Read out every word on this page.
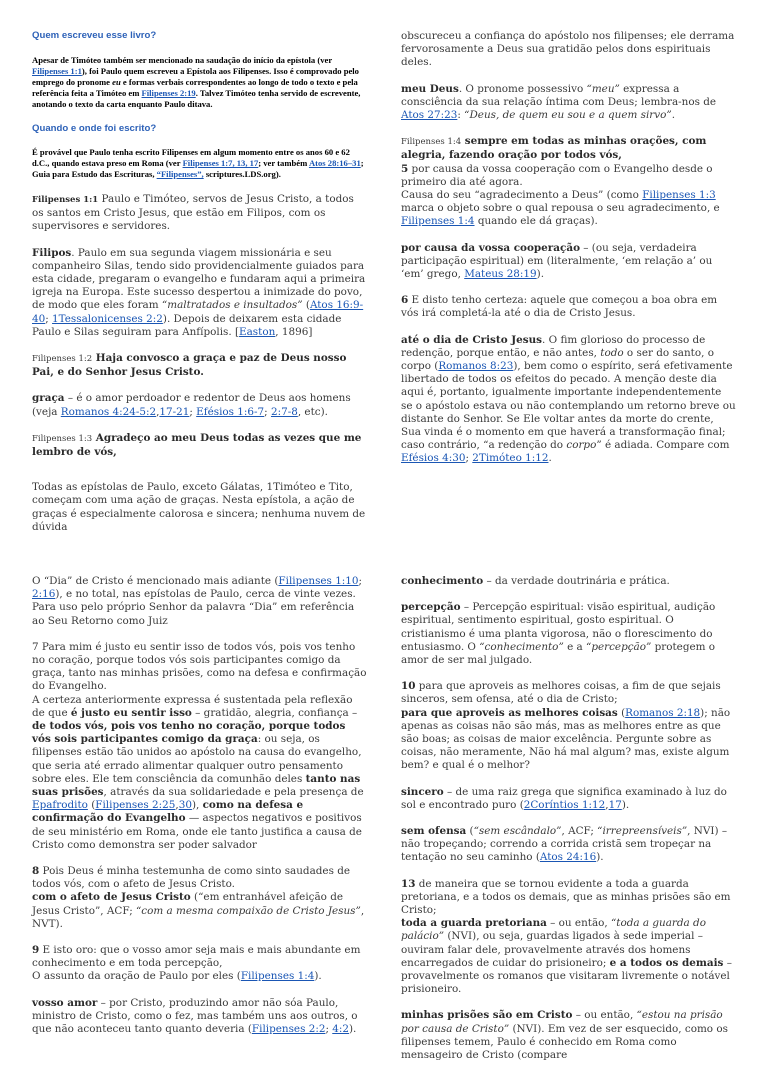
Quem escreveu esse livro?

Apesar de Timóteo também ser mencionado na saudação do início da epístola (ver Filipenses 1:1), foi Paulo quem escreveu a Epístola aos Filipenses. Isso é comprovado pelo emprego do pronome eu e formas verbais correspondentes ao longo de todo o texto e pela referência feita a Timóteo em Filipenses 2:19. Talvez Timóteo tenha servido de escrevente, anotando o texto da carta enquanto Paulo ditava.

Quando e onde foi escrito?

É provável que Paulo tenha escrito Filipenses em algum momento entre os anos 60 e 62 d.C., quando estava preso em Roma (ver Filipenses 1:7, 13, 17; ver também Atos 28:16–31; Guia para Estudo das Escrituras, “Filipenses”, scriptures.LDS.org).

Filipenses 1:1 Paulo e Timóteo, servos de Jesus Cristo, a todos os santos em Cristo Jesus, que estão em Filipos, com os supervisores e servidores.

Filipos. Paulo em sua segunda viagem missionária e seu companheiro Silas, tendo sido providencialmente guiados para esta cidade, pregaram o evangelho e fundaram aqui a primeira igreja na Europa. Este sucesso despertou a inimizade do povo, de modo que eles foram “maltratados e insultados” (Atos 16:9-40; 1Tessalonicenses 2:2). Depois de deixarem esta cidade Paulo e Silas seguiram para Anfípolis. [Easton, 1896]

Filipenses 1:2 Haja convosco a graça e paz de Deus nosso Pai, e do Senhor Jesus Cristo.

graça – é o amor perdoador e redentor de Deus aos homens (veja Romanos 4:24-5:2,17-21; Efésios 1:6-7; 2:7-8, etc).

Filipenses 1:3 Agradeço ao meu Deus todas as vezes que me lembro de vós,

Todas as epístolas de Paulo, exceto Gálatas, 1Timóteo e Tito, começam com uma ação de graças. Nesta epístola, a ação de graças é especialmente calorosa e sincera; nenhuma nuvem de dúvida

obscureceu a confiança do apóstolo nos filipenses; ele derrama fervorosamente a Deus sua gratidão pelos dons espirituais deles.

meu Deus. O pronome possessivo “meu” expressa a consciência da sua relação íntima com Deus; lembra-nos de Atos 27:23: “Deus, de quem eu sou e a quem sirvo”.

Filipenses 1:4 sempre em todas as minhas orações, com alegria, fazendo oração por todos vós,

5 por causa da vossa cooperação com o Evangelho desde o primeiro dia até agora.

Causa do seu “agradecimento a Deus” (como Filipenses 1:3 marca o objeto sobre o qual repousa o seu agradecimento, e Filipenses 1:4 quando ele dá graças).

por causa da vossa cooperação – (ou seja, verdadeira participação espiritual) em (literalmente, ‘em relação a’ ou ‘em’ grego, Mateus 28:19).

6 E disto tenho certeza: aquele que começou a boa obra em vós irá completá-la até o dia de Cristo Jesus.

até o dia de Cristo Jesus. O fim glorioso do processo de redenção, porque então, e não antes, todo o ser do santo, o corpo (Romanos 8:23), bem como o espírito, será efetivamente libertado de todos os efeitos do pecado. A menção deste dia aqui é, portanto, igualmente importante independentemente se o apóstolo estava ou não contemplando um retorno breve ou distante do Senhor. Se Ele voltar antes da morte do crente, Sua vinda é o momento em que haverá a transformação final; caso contrário, “a redenção do corpo” é adiada. Compare com Efésios 4:30; 2Timóteo 1:12.

O “Dia” de Cristo é mencionado mais adiante (Filipenses 1:10; 2:16), e no total, nas epístolas de Paulo, cerca de vinte vezes. Para uso pelo próprio Senhor da palavra “Dia” em referência ao Seu Retorno como Juiz

7 Para mim é justo eu sentir isso de todos vós, pois vos tenho no coração, porque todos vós sois participantes comigo da graça, tanto nas minhas prisões, como na defesa e confirmação do Evangelho.

A certeza anteriormente expressa é sustentada pela reflexão de que é justo eu sentir isso – gratidão, alegria, confiança – de todos vós, pois vos tenho no coração, porque todos vós sois participantes comigo da graça: ou seja, os filipenses estão tão unidos ao apóstolo na causa do evangelho, que seria até errado alimentar qualquer outro pensamento sobre eles. Ele tem consciência da comunhão deles tanto nas suas prisões, através da sua solidariedade e pela presença de Epafrodito (Filipenses 2:25,30), como na defesa e confirmação do Evangelho — aspectos negativos e positivos de seu ministério em Roma, onde ele tanto justifica a causa de Cristo como demonstra ser poder salvador

8 Pois Deus é minha testemunha de como sinto saudades de todos vós, com o afeto de Jesus Cristo.

com o afeto de Jesus Cristo (“em entranhável afeição de Jesus Cristo”, ACF; “com a mesma compaixão de Cristo Jesus”, NVT).

9 E isto oro: que o vosso amor seja mais e mais abundante em conhecimento e em toda percepção,

O assunto da oração de Paulo por eles (Filipenses 1:4).

vosso amor – por Cristo, produzindo amor não sóa Paulo, ministro de Cristo, como o fez, mas também uns aos outros, o que não aconteceu tanto quanto deveria (Filipenses 2:2; 4:2).

conhecimento – da verdade doutrinária e prática.

percepção – Percepção espiritual: visão espiritual, audição espiritual, sentimento espiritual, gosto espiritual. O cristianismo é uma planta vigorosa, não o florescimento do entusiasmo. O “conhecimento” e a “percepção” protegem o amor de ser mal julgado.

10 para que aproveis as melhores coisas, a fim de que sejais sinceros, sem ofensa, até o dia de Cristo;

para que aproveis as melhores coisas (Romanos 2:18); não apenas as coisas não são más, mas as melhores entre as que são boas; as coisas de maior excelência. Pergunte sobre as coisas, não meramente, Não há mal algum? mas, existe algum bem? e qual é o melhor?

sincero – de uma raiz grega que significa examinado à luz do sol e encontrado puro (2Coríntios 1:12,17).

sem ofensa (“sem escândalo”, ACF; “irrepreensíveis”, NVI) – não tropeçando; correndo a corrida cristã sem tropeçar na tentação no seu caminho (Atos 24:16).

13 de maneira que se tornou evidente a toda a guarda pretoriana, e a todos os demais, que as minhas prisões são em Cristo;

toda a guarda pretoriana – ou então, “toda a guarda do palácio” (NVI), ou seja, guardas ligados à sede imperial – ouviram falar dele, provavelmente através dos homens encarregados de cuidar do prisioneiro; e a todos os demais – provavelmente os romanos que visitaram livremente o notável prisioneiro.

minhas prisões são em Cristo – ou então, “estou na prisão por causa de Cristo” (NVI). Em vez de ser esquecido, como os filipenses temem, Paulo é conhecido em Roma como mensageiro de Cristo (compare
